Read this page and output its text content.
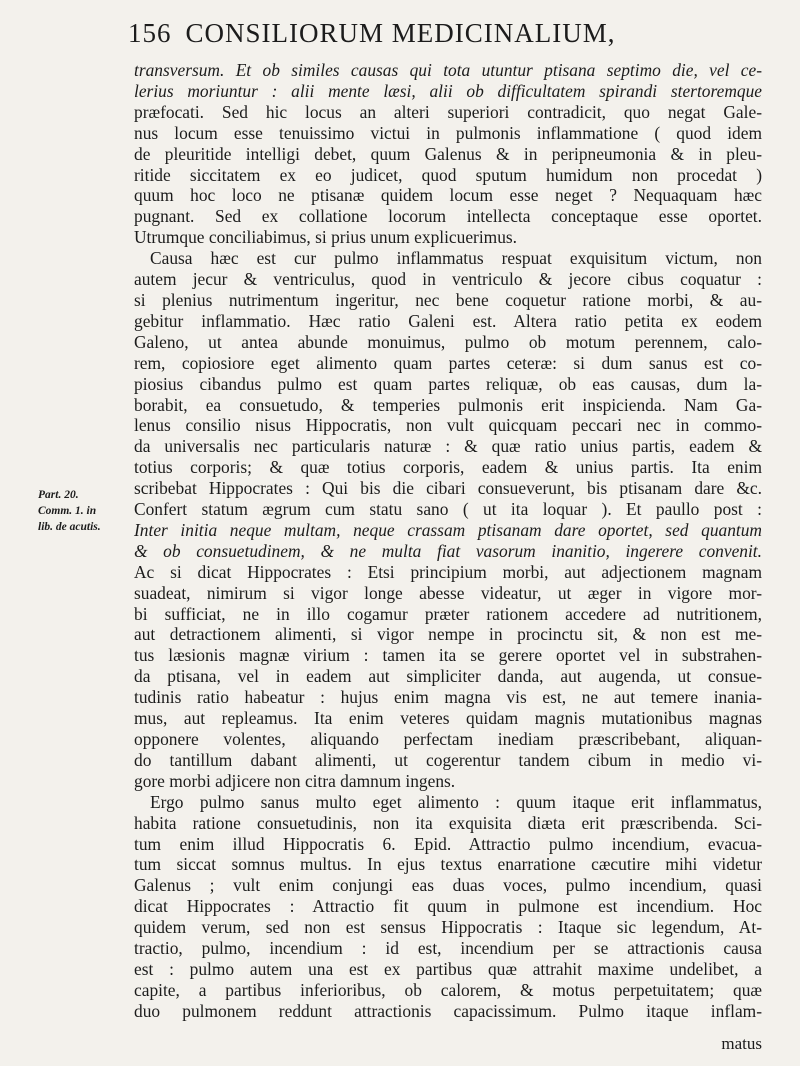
156 CONSILIORUM MEDICINALIUM,
Part. 20.
Comm. 1. in
lib. de acutis.
transversum. Et ob similes causas qui tota utuntur ptisana septimo die, vel ce-
lerius moriuntur : alii mente læsi, alii ob difficultatem spirandi stertoremque
præfocati. Sed hic locus an alteri superiori contradicit, quo negat Gale-
nus locum esse tenuissimo victui in pulmonis inflammatione ( quod idem
de pleuritide intelligi debet, quum Galenus & in peripneumonia & in pleu-
ritide siccitatem ex eo judicet, quod sputum humidum non procedat )
quum hoc loco ne ptisanæ quidem locum esse neget ? Nequaquam hæc
pugnant. Sed ex collatione locorum intellecta conceptaque esse oportet.
Utrumque conciliabimus, si prius unum explicuerimus.
Causa hæc est cur pulmo inflammatus respuat exquisitum victum, non
autem jecur & ventriculus, quod in ventriculo & jecore cibus coquatur :
si plenius nutrimentum ingeritur, nec bene coquetur ratione morbi, & au-
gebitur inflammatio. Hæc ratio Galeni est. Altera ratio petita ex eodem
Galeno, ut antea abunde monuimus, pulmo ob motum perennem, calo-
rem, copiosiore eget alimento quam partes ceteræ: si dum sanus est co-
piosius cibandus pulmo est quam partes reliquæ, ob eas causas, dum la-
borabit, ea consuetudo, & temperies pulmonis erit inspicienda. Nam Ga-
lenus consilio nisus Hippocratis, non vult quicquam peccari nec in commo-
da universalis nec particularis naturæ : & quæ ratio unius partis, eadem &
totius corporis; & quæ totius corporis, eadem & unius partis. Ita enim
scribebat Hippocrates : Qui bis die cibari consueverunt, bis ptisanam dare &c.
Confert statum ægrum cum statu sano ( ut ita loquar ). Et paullo post :
Inter initia neque multam, neque crassam ptisanam dare oportet, sed quantum
& ob consuetudinem, & ne multa fiat vasorum inanitio, ingerere convenit.
Ac si dicat Hippocrates : Etsi principium morbi, aut adjectionem magnam
suadeat, nimirum si vigor longe abesse videatur, ut æger in vigore mor-
bi sufficiat, ne in illo cogamur præter rationem accedere ad nutritionem,
aut detractionem alimenti, si vigor nempe in procinctu sit, & non est me-
tus læsionis magnæ virium : tamen ita se gerere oportet vel in substrahen-
da ptisana, vel in eadem aut simpliciter danda, aut augenda, ut consue-
tudinis ratio habeatur : hujus enim magna vis est, ne aut temere inania-
mus, aut repleamus. Ita enim veteres quidam magnis mutationibus magnas
opponere volentes, aliquando perfectam inediam præscribebant, aliquan-
do tantillum dabant alimenti, ut cogerentur tandem cibum in medio vi-
gore morbi adjicere non citra damnum ingens.
Ergo pulmo sanus multo eget alimento : quum itaque erit inflammatus,
habita ratione consuetudinis, non ita exquisita diæta erit præscribenda. Sci-
tum enim illud Hippocratis 6. Epid. Attractio pulmo incendium, evacua-
tum siccat somnus multus. In ejus textus enarratione cæcutire mihi videtur
Galenus ; vult enim conjungi eas duas voces, pulmo incendium, quasi
dicat Hippocrates : Attractio fit quum in pulmone est incendium. Hoc
quidem verum, sed non est sensus Hippocratis : Itaque sic legendum, At-
tractio, pulmo, incendium : id est, incendium per se attractionis causa
est : pulmo autem una est ex partibus quæ attrahit maxime undelibet, a
capite, a partibus inferioribus, ob calorem, & motus perpetuitatem; quæ
duo pulmonem reddunt attractionis capacissimum. Pulmo itaque inflam-
matus
